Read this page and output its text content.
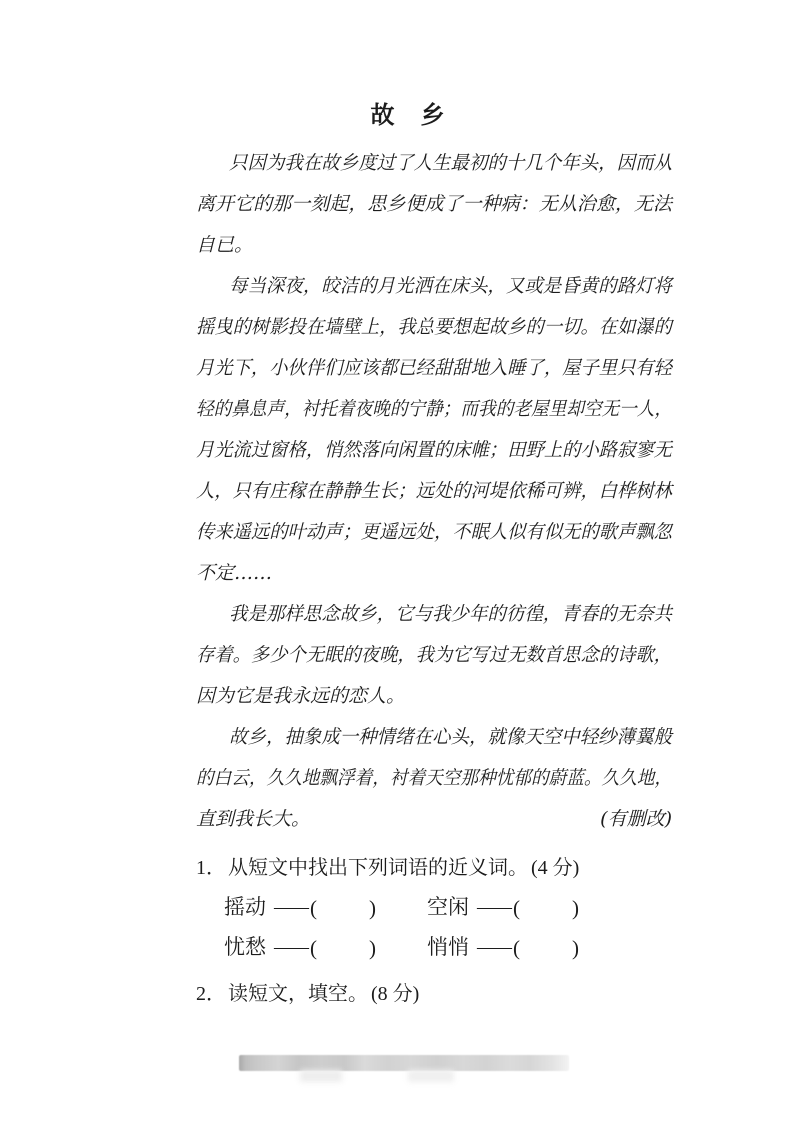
故　乡
只因为我在故乡度过了人生最初的十几个年头，因而从
离开它的那一刻起，思乡便成了一种病：无从治愈，无法
自已。
每当深夜，皎洁的月光洒在床头，又或是昏黄的路灯将
摇曳的树影投在墙壁上，我总要想起故乡的一切。在如瀑的
月光下，小伙伴们应该都已经甜甜地入睡了，屋子里只有轻
轻的鼻息声，衬托着夜晚的宁静；而我的老屋里却空无一人，
月光流过窗格，悄然落向闲置的床帷；田野上的小路寂寥无
人，只有庄稼在静静生长；远处的河堤依稀可辨，白桦树林
传来遥远的叶动声；更遥远处，不眠人似有似无的歌声飘忽
不定……
我是那样思念故乡，它与我少年的彷徨，青春的无奈共
存着。多少个无眠的夜晚，我为它写过无数首思念的诗歌，
因为它是我永远的恋人。
故乡，抽象成一种情绪在心头，就像天空中轻纱薄翼般
的白云，久久地飘浮着，衬着天空那种忧郁的蔚蓝。久久地，
直到我长大。	(有删改)
1． 从短文中找出下列词语的近义词。 (4 分)
摇动 —— ( ) 空闲 —— ( )
忧愁 —— ( ) 悄悄 —— ( )
2． 读短文，填空。 (8 分)
